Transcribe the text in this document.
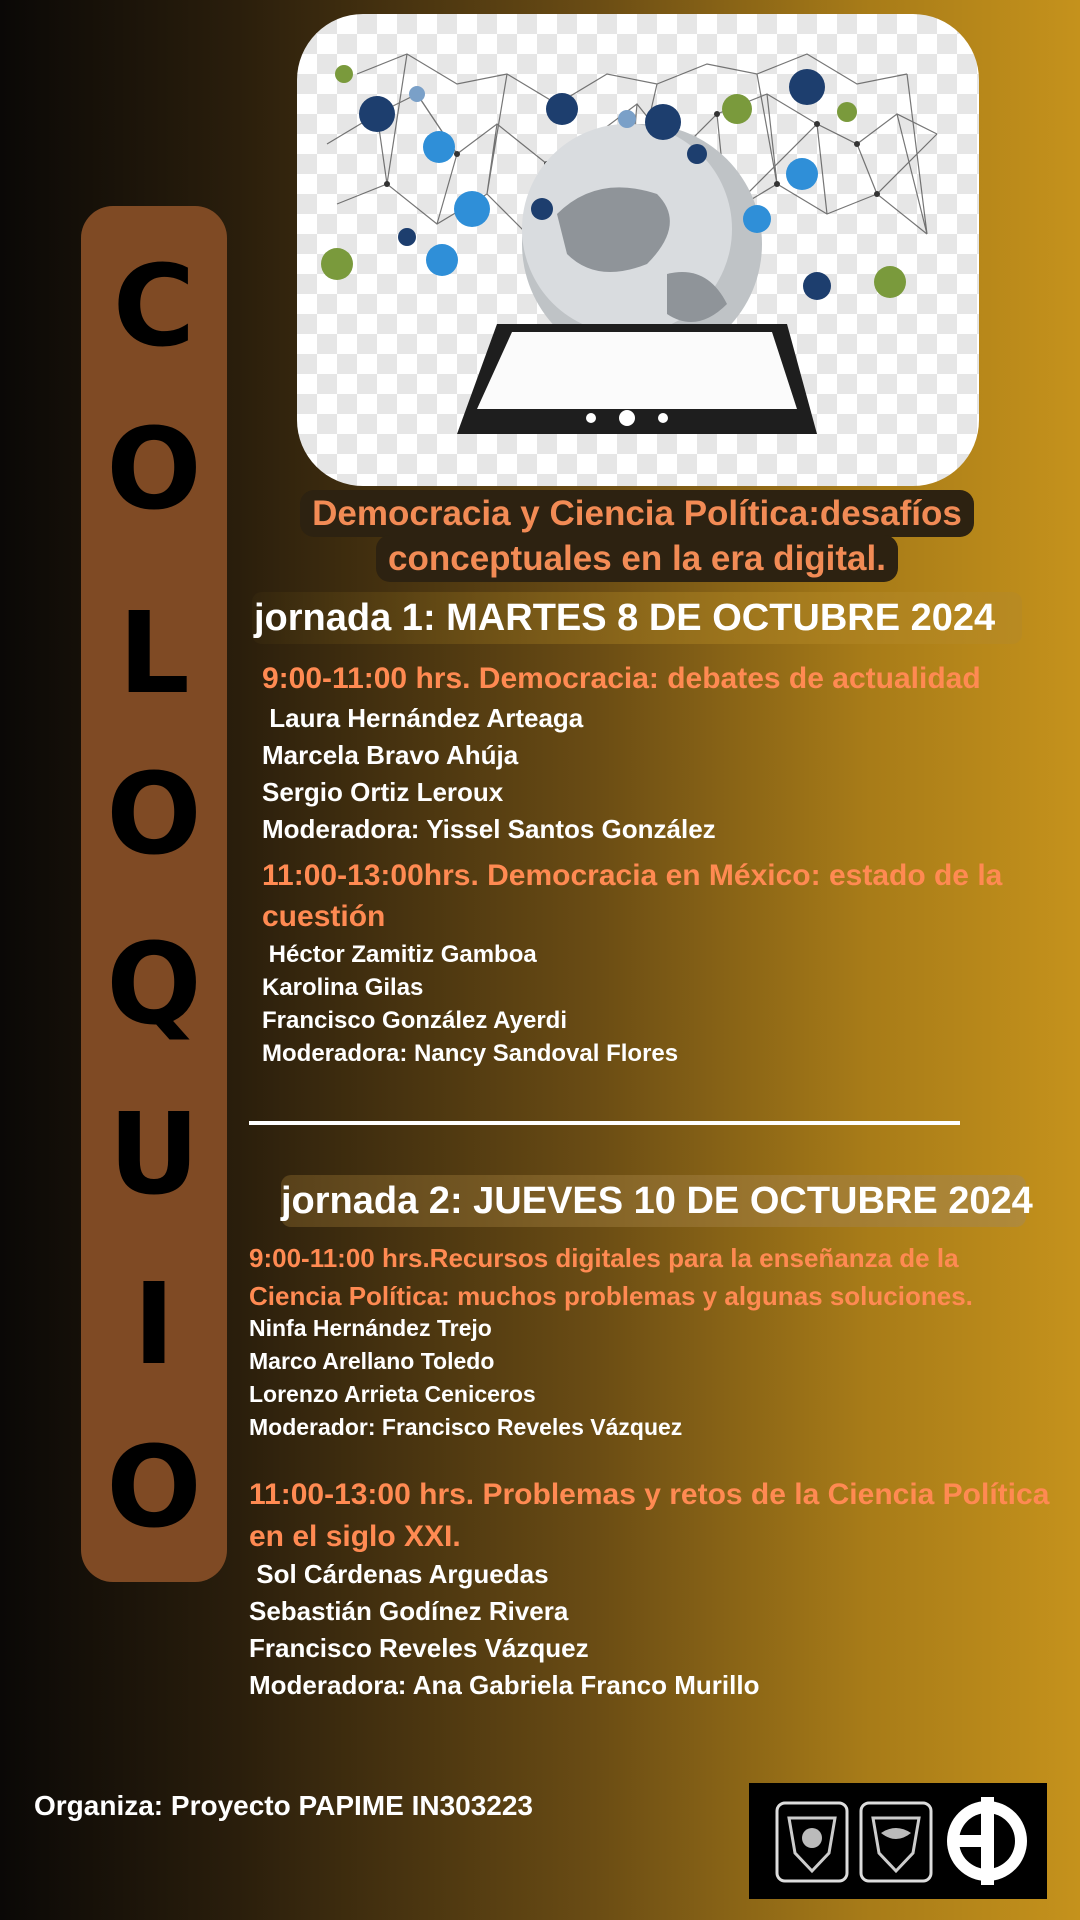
C
O
L
O
Q
U
I
O
Democracia y Ciencia Política:desafíos
conceptuales en la era digital.
jornada 1: MARTES 8 DE OCTUBRE 2024
9:00-11:00 hrs. Democracia: debates de actualidad
Laura Hernández Arteaga
Marcela Bravo Ahúja
Sergio Ortiz Leroux
Moderadora: Yissel Santos González
11:00-13:00hrs. Democracia en México: estado de la
cuestión
Héctor Zamitiz Gamboa
Karolina Gilas
Francisco González Ayerdi
Moderadora: Nancy Sandoval Flores
jornada 2: JUEVES 10 DE OCTUBRE 2024
9:00-11:00 hrs.Recursos digitales para la enseñanza de la
Ciencia Política: muchos problemas y algunas soluciones.
Ninfa Hernández Trejo
Marco Arellano Toledo
Lorenzo Arrieta Ceniceros
Moderador: Francisco Reveles Vázquez
11:00-13:00 hrs. Problemas y retos de la Ciencia Política
en el siglo XXI.
Sol Cárdenas Arguedas
Sebastián Godínez Rivera
Francisco Reveles Vázquez
Moderadora: Ana Gabriela Franco Murillo
Organiza: Proyecto PAPIME IN303223
